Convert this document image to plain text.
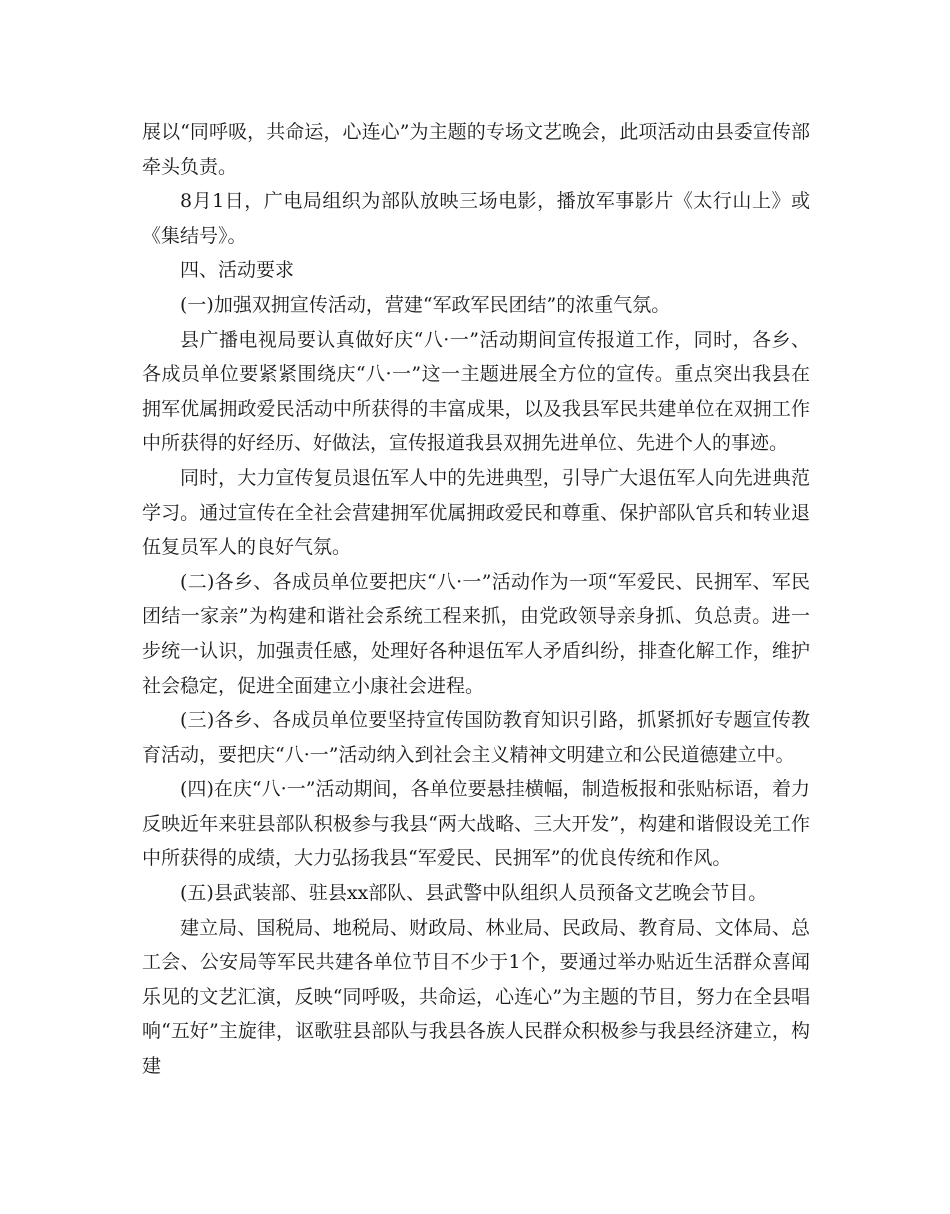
展以“同呼吸，共命运，心连心”为主题的专场文艺晚会，此项活动由县委宣传部牵头负责。

8月1日，广电局组织为部队放映三场电影，播放军事影片《太行山上》或《集结号》。

四、活动要求

(一)加强双拥宣传活动，营建“军政军民团结”的浓重气氛。

县广播电视局要认真做好庆“八·一”活动期间宣传报道工作，同时，各乡、各成员单位要紧紧围绕庆“八·一”这一主题进展全方位的宣传。重点突出我县在拥军优属拥政爱民活动中所获得的丰富成果，以及我县军民共建单位在双拥工作中所获得的好经历、好做法，宣传报道我县双拥先进单位、先进个人的事迹。

同时，大力宣传复员退伍军人中的先进典型，引导广大退伍军人向先进典范学习。通过宣传在全社会营建拥军优属拥政爱民和尊重、保护部队官兵和转业退伍复员军人的良好气氛。

(二)各乡、各成员单位要把庆“八·一”活动作为一项“军爱民、民拥军、军民团结一家亲”为构建和谐社会系统工程来抓，由党政领导亲身抓、负总责。进一步统一认识，加强责任感，处理好各种退伍军人矛盾纠纷，排查化解工作，维护社会稳定，促进全面建立小康社会进程。

(三)各乡、各成员单位要坚持宣传国防教育知识引路，抓紧抓好专题宣传教育活动，要把庆“八·一”活动纳入到社会主义精神文明建立和公民道德建立中。

(四)在庆“八·一”活动期间，各单位要悬挂横幅，制造板报和张贴标语，着力反映近年来驻县部队积极参与我县“两大战略、三大开发”，构建和谐假设羌工作中所获得的成绩，大力弘扬我县“军爱民、民拥军”的优良传统和作风。

(五)县武装部、驻县xx部队、县武警中队组织人员预备文艺晚会节目。

建立局、国税局、地税局、财政局、林业局、民政局、教育局、文体局、总工会、公安局等军民共建各单位节目不少于1个，要通过举办贴近生活群众喜闻乐见的文艺汇演，反映“同呼吸，共命运，心连心”为主题的节目，努力在全县唱响“五好”主旋律，讴歌驻县部队与我县各族人民群众积极参与我县经济建立，构建
